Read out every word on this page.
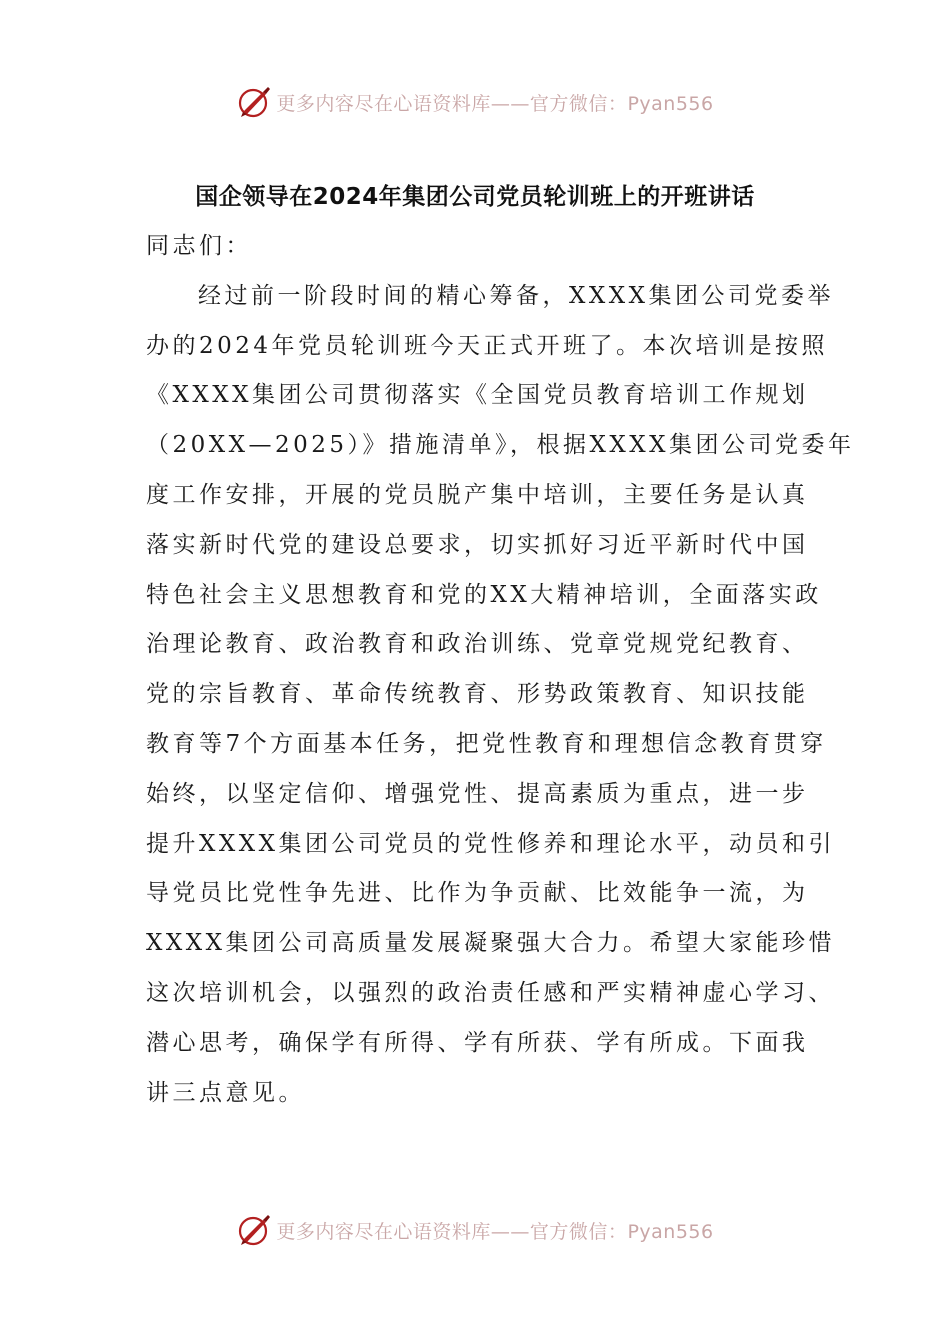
更多内容尽在心语资料库——官方微信：Pyan556
国企领导在2024年集团公司党员轮训班上的开班讲话
同志们：
经过前一阶段时间的精心筹备，XXXX集团公司党委举
办的2024年党员轮训班今天正式开班了。本次培训是按照
《XXXX集团公司贯彻落实《全国党员教育培训工作规划
（20XX—2025）》措施清单》，根据XXXX集团公司党委年
度工作安排，开展的党员脱产集中培训，主要任务是认真
落实新时代党的建设总要求，切实抓好习近平新时代中国
特色社会主义思想教育和党的XX大精神培训，全面落实政
治理论教育、政治教育和政治训练、党章党规党纪教育、
党的宗旨教育、革命传统教育、形势政策教育、知识技能
教育等7个方面基本任务，把党性教育和理想信念教育贯穿
始终，以坚定信仰、增强党性、提高素质为重点，进一步
提升XXXX集团公司党员的党性修养和理论水平，动员和引
导党员比党性争先进、比作为争贡献、比效能争一流，为
XXXX集团公司高质量发展凝聚强大合力。希望大家能珍惜
这次培训机会，以强烈的政治责任感和严实精神虚心学习、
潜心思考，确保学有所得、学有所获、学有所成。下面我
讲三点意见。
更多内容尽在心语资料库——官方微信：Pyan556
